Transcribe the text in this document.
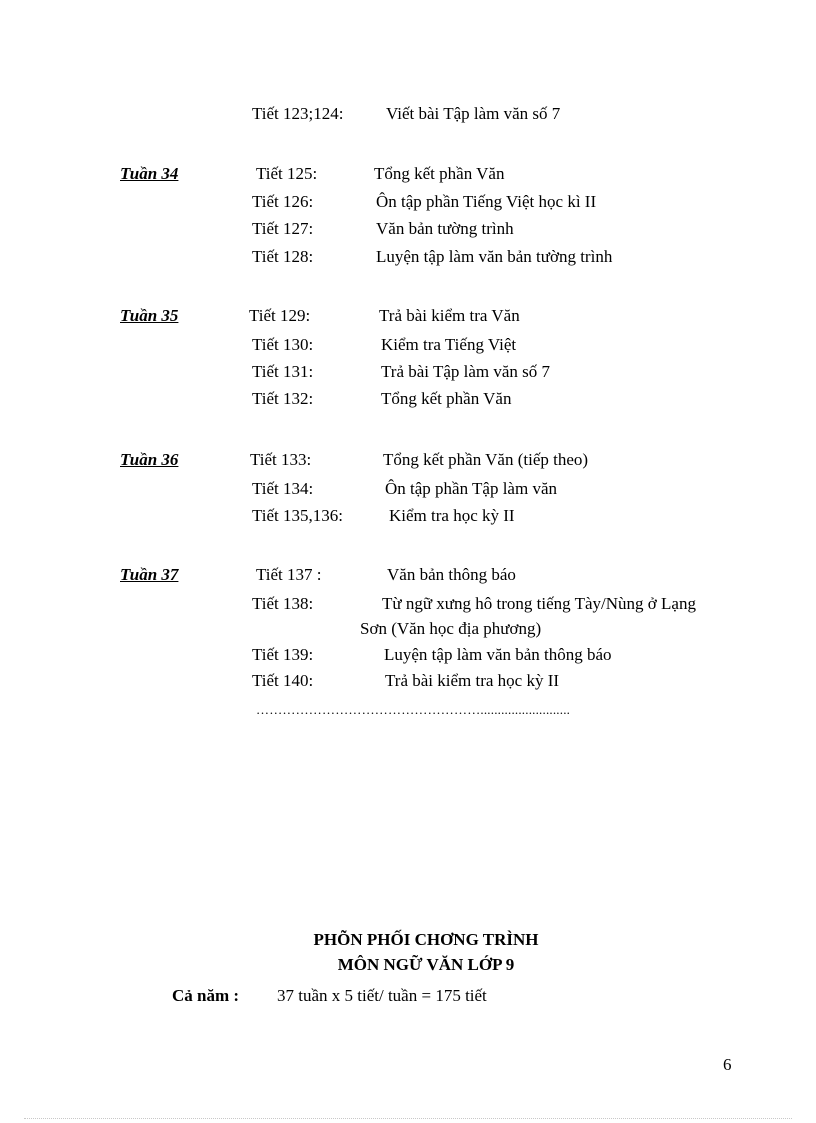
Tiết 123;124:	Viết bài Tập làm văn số 7
Tuần 34	Tiết 125:	Tổng kết phần Văn
Tiết 126:	Ôn tập phần Tiếng Việt học kì II
Tiết 127:	Văn bản tường trình
Tiết 128:	Luyện tập làm văn bản tường trình
Tuần 35	Tiết 129:	Trả bài kiểm tra Văn
Tiết 130:	Kiểm tra Tiếng Việt
Tiết 131:	Trả bài Tập làm văn số 7
Tiết 132:	Tổng kết phần Văn
Tuần 36	Tiết 133:	Tổng kết phần Văn (tiếp theo)
Tiết 134:	Ôn tập phần Tập làm văn
Tiết 135,136:	Kiểm tra học kỳ II
Tuần 37	Tiết 137 :	Văn bản thông báo
Tiết 138:	Từ ngữ xưng hô trong tiếng Tày/Nùng ở Lạng
Sơn (Văn học địa phương)
Tiết 139:	Luyện tập làm văn bản thông báo
Tiết 140:	Trả bài kiểm tra học kỳ II
……………………………………………..........................
PHÕN PHỐI CHƠNG TRÌNH
MÔN NGỮ VĂN LỚP 9
Cả năm : 37 tuần x 5 tiết/ tuần = 175 tiết
6
